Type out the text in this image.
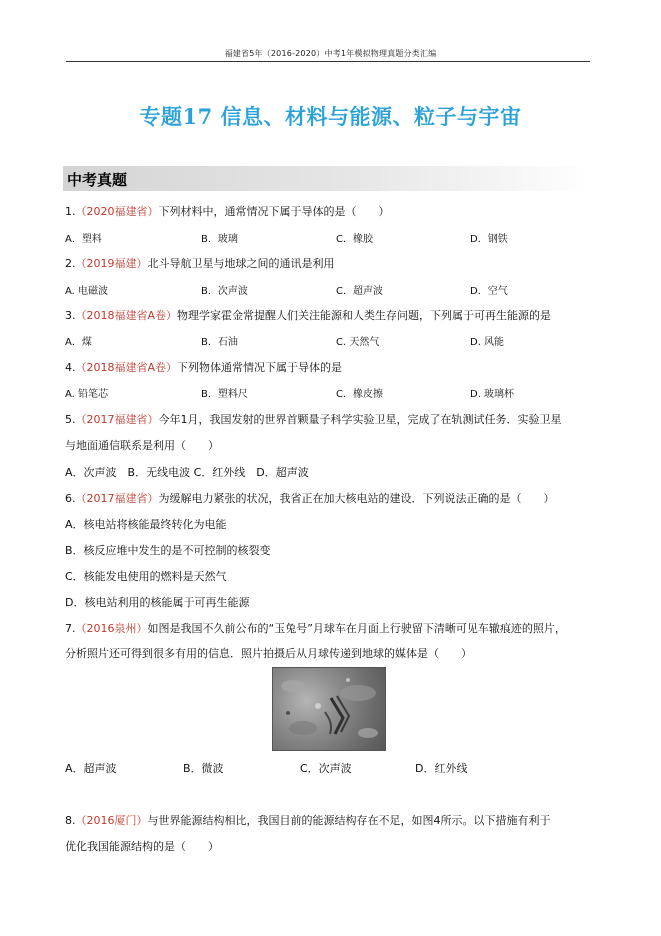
福建省5年（2016-2020）中考1年模拟物理真题分类汇编
专题17 信息、材料与能源、粒子与宇宙
中考真题
1.（2020福建省）下列材料中，通常情况下属于导体的是（　　）
A．塑料	B．玻璃	C．橡胶	D．钢铁
2.（2019福建）北斗导航卫星与地球之间的通讯是利用
A. 电磁波	B．次声波	C．超声波	D．空气
3.（2018福建省A卷）物理学家霍金常提醒人们关注能源和人类生存问题，下列属于可再生能源的是
A．煤	B．石油	C. 天然气	D. 风能
4.（2018福建省A卷）下列物体通常情况下属于导体的是
A. 铅笔芯	B．塑料尺	C．橡皮擦	D. 玻璃杯
5.（2017福建省）今年1月，我国发射的世界首颗量子科学实验卫星，完成了在轨测试任务．实验卫星
与地面通信联系是利用（　　）
A．次声波　B．无线电波 C．红外线　D．超声波
6.（2017福建省）为缓解电力紧张的状况，我省正在加大核电站的建设．下列说法正确的是（　　）
A．核电站将核能最终转化为电能
B．核反应堆中发生的是不可控制的核裂变
C．核能发电使用的燃料是天然气
D．核电站利用的核能属于可再生能源
7.（2016泉州）如图是我国不久前公布的“玉兔号”月球车在月面上行驶留下清晰可见车辙痕迹的照片，
分析照片还可得到很多有用的信息．照片拍摄后从月球传递到地球的媒体是（　　）
A．超声波	B．微波	C．次声波	D．红外线
8.（2016厦门）与世界能源结构相比，我国目前的能源结构存在不足，如图4所示。以下措施有利于
优化我国能源结构的是（　　）
